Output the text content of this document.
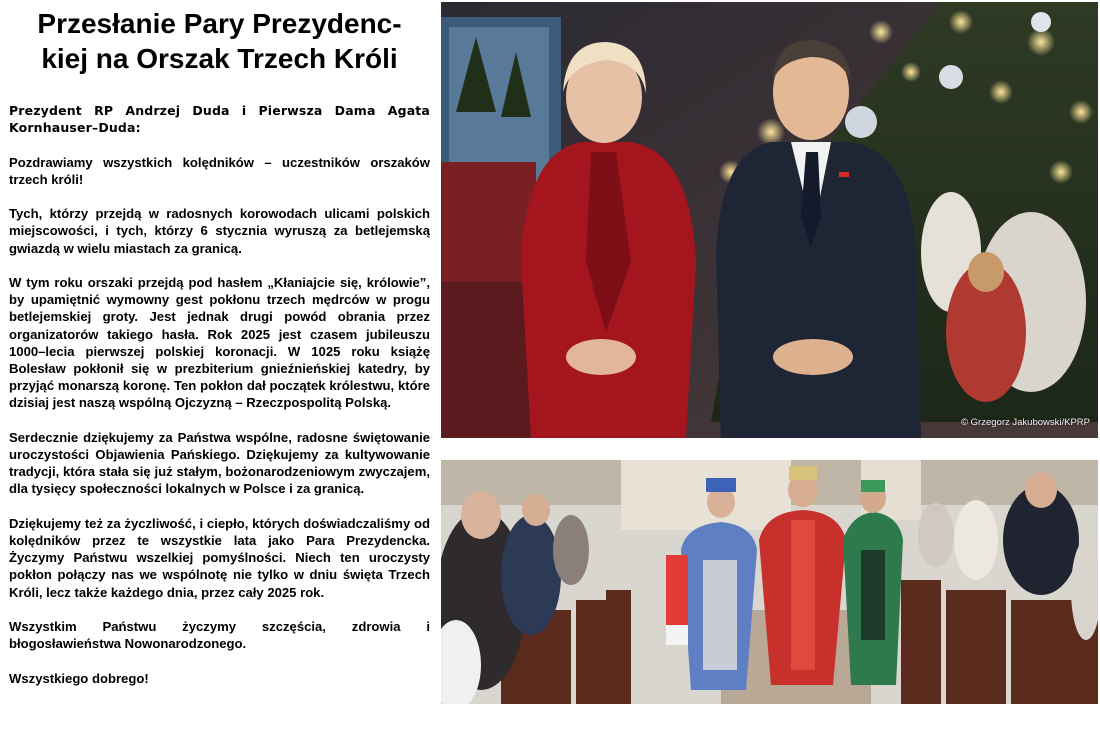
Przesłanie Pary Prezydenc-
kiej na Orszak Trzech Króli

Prezydent RP Andrzej Duda i Pierwsza Dama Agata Kornhauser–Duda:

Pozdrawiamy wszystkich kolędników – uczestników orszaków trzech króli!

Tych, którzy przejdą w radosnych korowodach ulicami polskich miejscowości, i tych, którzy 6 stycznia wyruszą za betlejemską gwiazdą w wielu miastach za granicą.

W tym roku orszaki przejdą pod hasłem „Kłaniajcie się, królowie”, by upamiętnić wymowny gest pokłonu trzech mędrców w progu betlejemskiej groty. Jest jednak drugi powód obrania przez organizatorów takiego hasła. Rok 2025 jest czasem jubileuszu 1000–lecia pierwszej polskiej koronacji. W 1025 roku książę Bolesław pokłonił się w prezbiterium gnieźnieńskiej katedry, by przyjąć monarszą koronę. Ten pokłon dał początek królestwu, które dzisiaj jest naszą wspólną Ojczyzną – Rzeczpospolitą Polską.

Serdecznie dziękujemy za Państwa wspólne, radosne świętowanie uroczystości Objawienia Pańskiego. Dziękujemy za kultywowanie tradycji, która stała się już stałym, bożonarodzeniowym zwyczajem, dla tysięcy społeczności lokalnych w Polsce i za granicą.

Dziękujemy też za życzliwość, i ciepło, których doświadczaliśmy od kolędników przez te wszystkie lata jako Para Prezydencka. Życzymy Państwu wszelkiej pomyślności. Niech ten uroczysty pokłon połączy nas we wspólnotę nie tylko w dniu święta Trzech Króli, lecz także każdego dnia, przez cały 2025 rok.

Wszystkim Państwu życzymy szczęścia, zdrowia i błogosławieństwa Nowonarodzonego.

Wszystkiego dobrego!

© Grzegorz Jakubowski/KPRP
